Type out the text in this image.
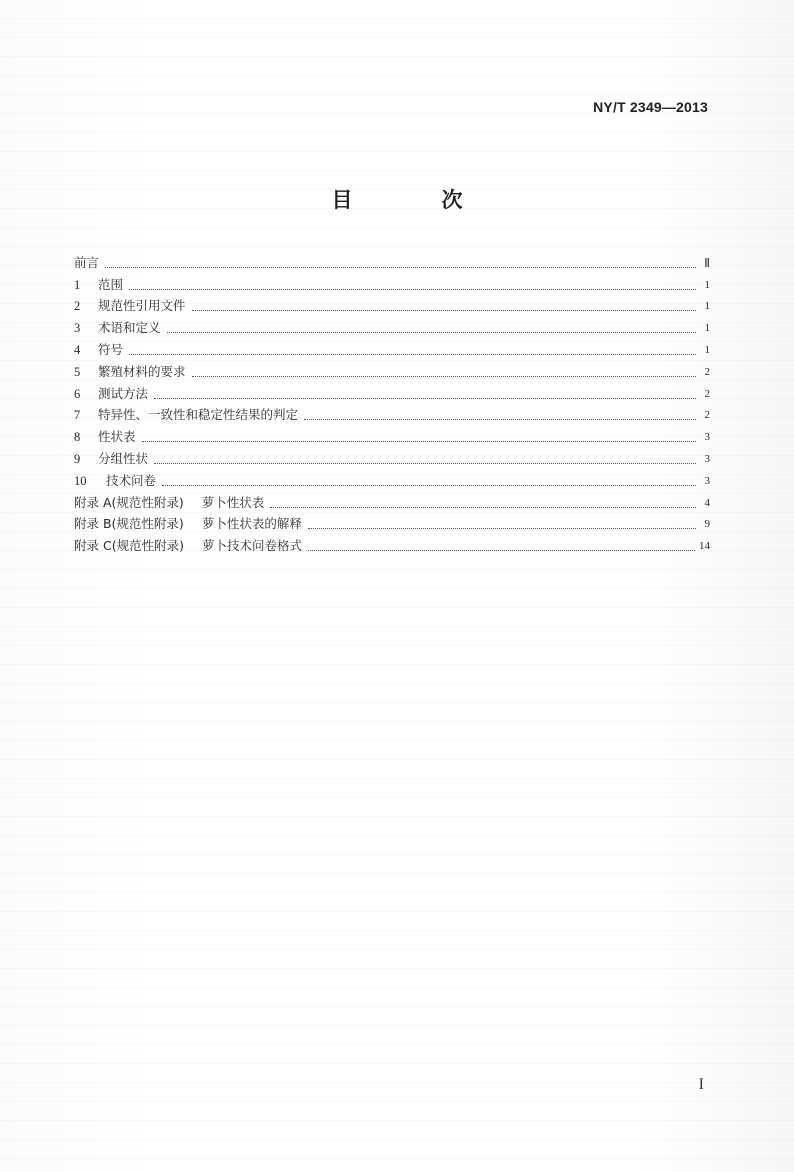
NY/T 2349—2013
目　次
前言	Ⅱ
1	范围	1
2	规范性引用文件	1
3	术语和定义	1
4	符号	1
5	繁殖材料的要求	2
6	测试方法	2
7	特异性、一致性和稳定性结果的判定	2
8	性状表	3
9	分组性状	3
10	技术问卷	3
附录 A(规范性附录) 萝卜性状表	4
附录 B(规范性附录) 萝卜性状表的解释	9
附录 C(规范性附录) 萝卜技术问卷格式	14
I
